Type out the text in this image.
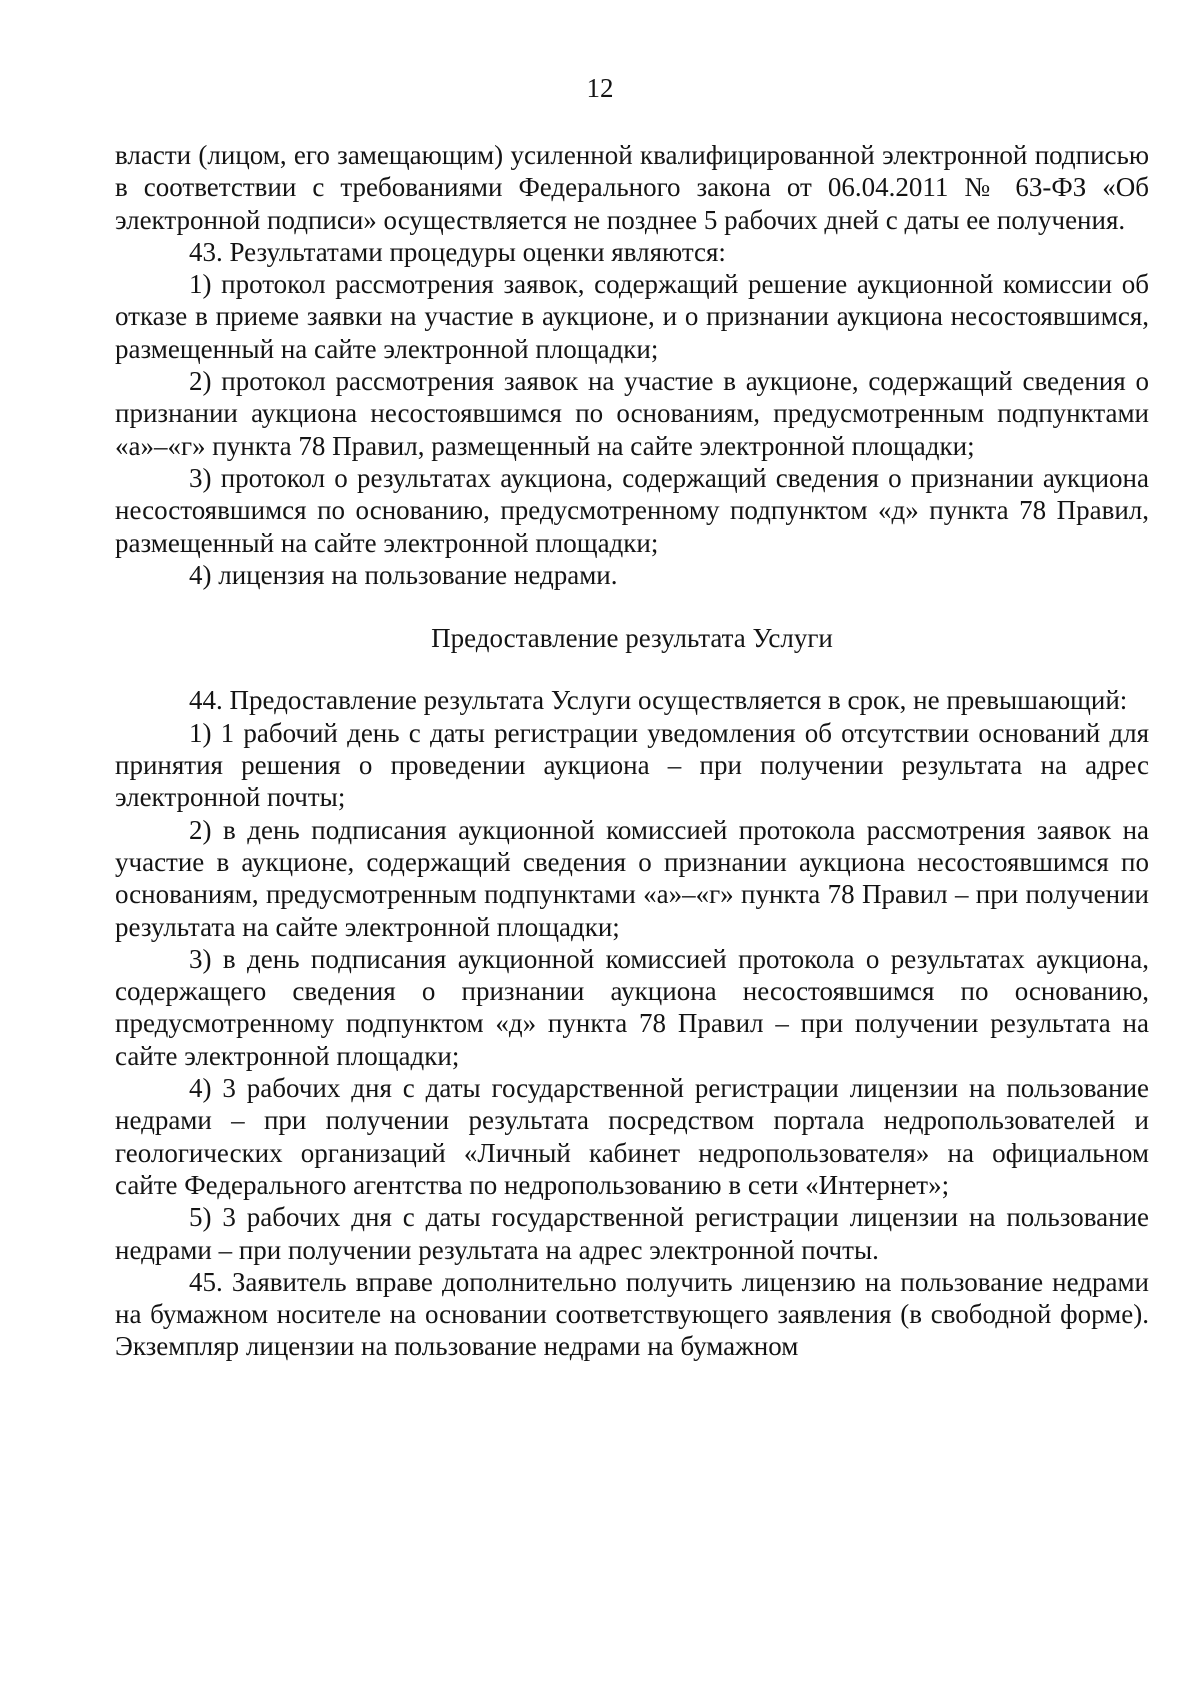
12

власти (лицом, его замещающим) усиленной квалифицированной электронной подписью в соответствии с требованиями Федерального закона от 06.04.2011 № 63-ФЗ «Об электронной подписи» осуществляется не позднее 5 рабочих дней с даты ее получения.

43. Результатами процедуры оценки являются:

1) протокол рассмотрения заявок, содержащий решение аукционной комиссии об отказе в приеме заявки на участие в аукционе, и о признании аукциона несостоявшимся, размещенный на сайте электронной площадки;

2) протокол рассмотрения заявок на участие в аукционе, содержащий сведения о признании аукциона несостоявшимся по основаниям, предусмотренным подпунктами «а»–«г» пункта 78 Правил, размещенный на сайте электронной площадки;

3) протокол о результатах аукциона, содержащий сведения о признании аукциона несостоявшимся по основанию, предусмотренному подпунктом «д» пункта 78 Правил, размещенный на сайте электронной площадки;

4) лицензия на пользование недрами.

Предоставление результата Услуги

44. Предоставление результата Услуги осуществляется в срок, не превышающий:

1) 1 рабочий день с даты регистрации уведомления об отсутствии оснований для принятия решения о проведении аукциона – при получении результата на адрес электронной почты;

2) в день подписания аукционной комиссией протокола рассмотрения заявок на участие в аукционе, содержащий сведения о признании аукциона несостоявшимся по основаниям, предусмотренным подпунктами «а»–«г» пункта 78 Правил – при получении результата на сайте электронной площадки;

3) в день подписания аукционной комиссией протокола о результатах аукциона, содержащего сведения о признании аукциона несостоявшимся по основанию, предусмотренному подпунктом «д» пункта 78 Правил – при получении результата на сайте электронной площадки;

4) 3 рабочих дня с даты государственной регистрации лицензии на пользование недрами – при получении результата посредством портала недропользователей и геологических организаций «Личный кабинет недропользователя» на официальном сайте Федерального агентства по недропользованию в сети «Интернет»;

5) 3 рабочих дня с даты государственной регистрации лицензии на пользование недрами – при получении результата на адрес электронной почты.

45. Заявитель вправе дополнительно получить лицензию на пользование недрами на бумажном носителе на основании соответствующего заявления (в свободной форме). Экземпляр лицензии на пользование недрами на бумажном
